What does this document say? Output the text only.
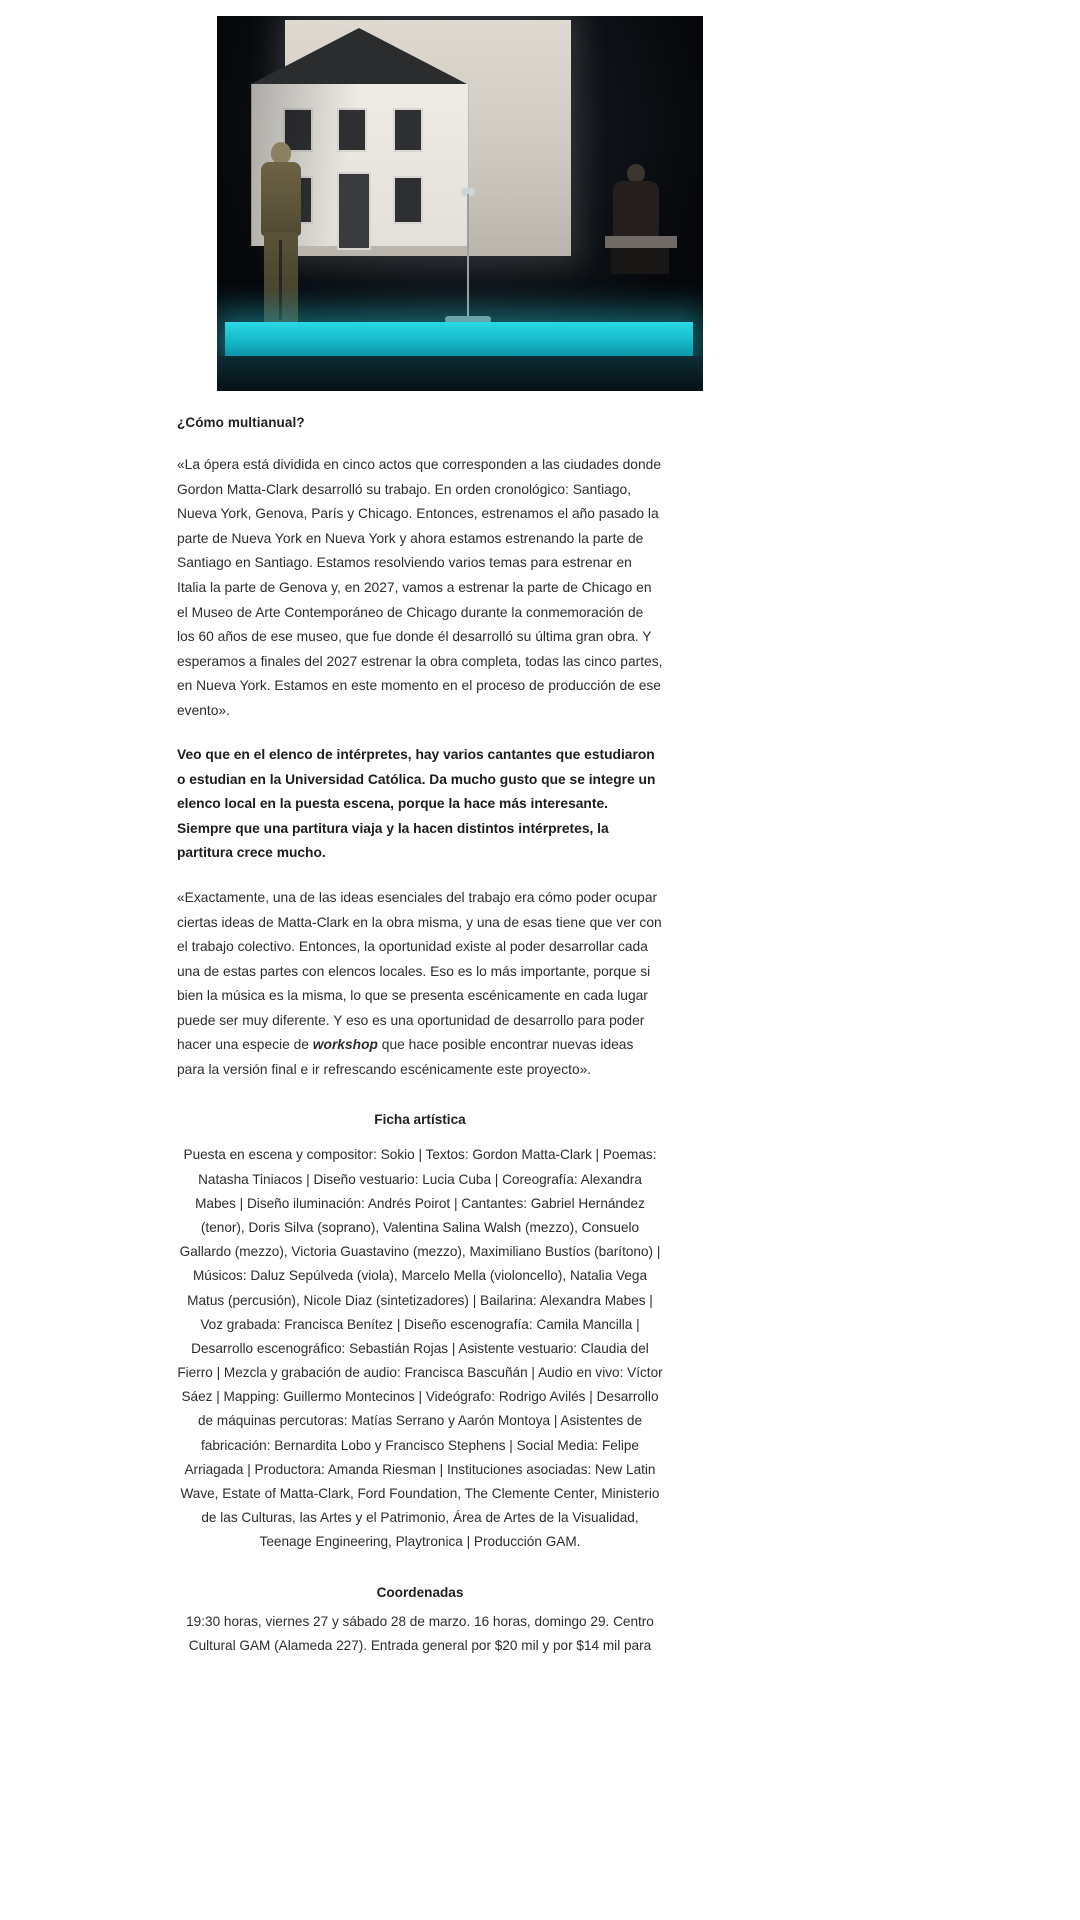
¿Cómo multianual?

«La ópera está dividida en cinco actos que corresponden a las ciudades donde Gordon Matta-Clark desarrolló su trabajo. En orden cronológico: Santiago, Nueva York, Genova, París y Chicago. Entonces, estrenamos el año pasado la parte de Nueva York en Nueva York y ahora estamos estrenando la parte de Santiago en Santiago. Estamos resolviendo varios temas para estrenar en Italia la parte de Genova y, en 2027, vamos a estrenar la parte de Chicago en el Museo de Arte Contemporáneo de Chicago durante la conmemoración de los 60 años de ese museo, que fue donde él desarrolló su última gran obra. Y esperamos a finales del 2027 estrenar la obra completa, todas las cinco partes, en Nueva York. Estamos en este momento en el proceso de producción de ese evento».

Veo que en el elenco de intérpretes, hay varios cantantes que estudiaron o estudian en la Universidad Católica. Da mucho gusto que se integre un elenco local en la puesta escena, porque la hace más interesante. Siempre que una partitura viaja y la hacen distintos intérpretes, la partitura crece mucho.

«Exactamente, una de las ideas esenciales del trabajo era cómo poder ocupar ciertas ideas de Matta-Clark en la obra misma, y una de esas tiene que ver con el trabajo colectivo. Entonces, la oportunidad existe al poder desarrollar cada una de estas partes con elencos locales. Eso es lo más importante, porque si bien la música es la misma, lo que se presenta escénicamente en cada lugar puede ser muy diferente. Y eso es una oportunidad de desarrollo para poder hacer una especie de workshop que hace posible encontrar nuevas ideas para la versión final e ir refrescando escénicamente este proyecto».

Ficha artística

Puesta en escena y compositor: Sokio | Textos: Gordon Matta-Clark | Poemas: Natasha Tiniacos | Diseño vestuario: Lucia Cuba | Coreografía: Alexandra Mabes | Diseño iluminación: Andrés Poirot | Cantantes: Gabriel Hernández (tenor), Doris Silva (soprano), Valentina Salina Walsh (mezzo), Consuelo Gallardo (mezzo), Victoria Guastavino (mezzo), Maximiliano Bustíos (barítono) | Músicos: Daluz Sepúlveda (viola), Marcelo Mella (violoncello), Natalia Vega Matus (percusión), Nicole Diaz (sintetizadores) | Bailarina: Alexandra Mabes | Voz grabada: Francisca Benítez | Diseño escenografía: Camila Mancilla | Desarrollo escenográfico: Sebastián Rojas | Asistente vestuario: Claudia del Fierro | Mezcla y grabación de audio: Francisca Bascuñán | Audio en vivo: Víctor Sáez | Mapping: Guillermo Montecinos | Videógrafo: Rodrigo Avilés | Desarrollo de máquinas percutoras: Matías Serrano y Aarón Montoya | Asistentes de fabricación: Bernardita Lobo y Francisco Stephens | Social Media: Felipe Arriagada | Productora: Amanda Riesman | Instituciones asociadas: New Latin Wave, Estate of Matta-Clark, Ford Foundation, The Clemente Center, Ministerio de las Culturas, las Artes y el Patrimonio, Área de Artes de la Visualidad, Teenage Engineering, Playtronica | Producción GAM.

Coordenadas

19:30 horas, viernes 27 y sábado 28 de marzo. 16 horas, domingo 29. Centro Cultural GAM (Alameda 227). Entrada general por $20 mil y por $14 mil para
